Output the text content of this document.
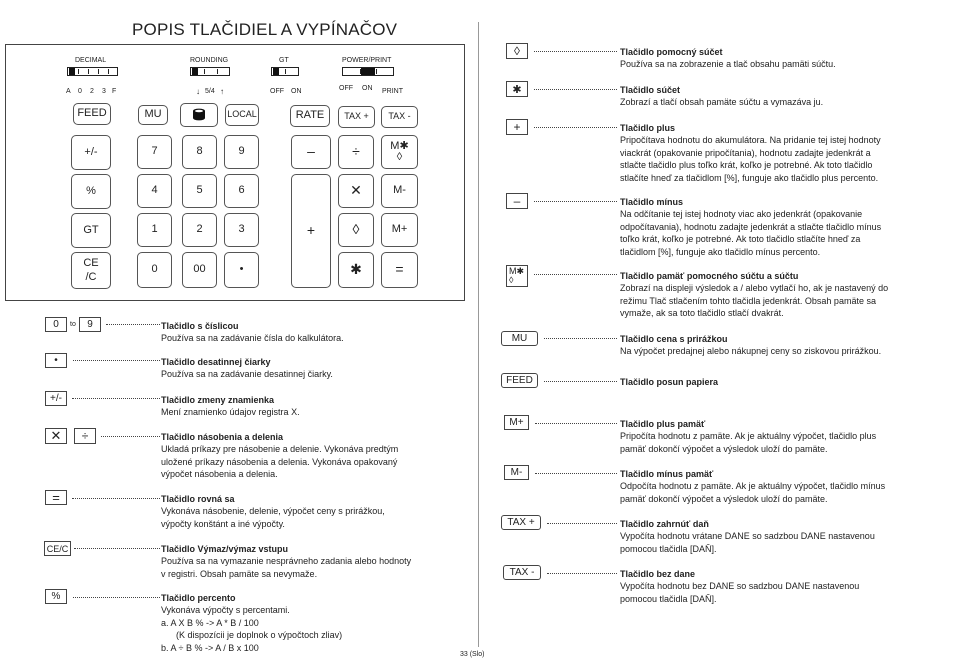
POPIS TLAČIDIEL A VYPÍNAČOV
DECIMAL
A 0 2 3 F
ROUNDING
↓ 5/4 ↑
GT
OFF ON
POWER/PRINT
OFF ON PRINT
FEED	MU	LOCAL	RATE	TAX +	TAX -
+/-
%
GT
CE
/C
7	8	9
4	5	6
1	2	3
0	00	•
–
+
÷
✕
◊
✱
M✱
◊
M-
M+
=
0	to	9	Tlačidlo s číslicou
Používa sa na zadávanie čísla do kalkulátora.
•	Tlačidlo desatinnej čiarky
Používa sa na zadávanie desatinnej čiarky.
+/-	Tlačidlo zmeny znamienka
Mení znamienko údajov registra X.
✕	÷	Tlačidlo násobenia a delenia
Ukladá príkazy pre násobenie a delenie. Vykonáva predtým
uložené príkazy násobenia a delenia. Vykonáva opakovaný
výpočet násobenia a delenia.
=	Tlačidlo rovná sa
Vykonáva násobenie, delenie, výpočet ceny s prirážkou,
výpočty konštánt a iné výpočty.
CE/C	Tlačidlo Výmaz/výmaz vstupu
Používa sa na vymazanie nesprávneho zadania alebo hodnoty
v registri. Obsah pamäte sa nevymaže.
%	Tlačidlo percento
Vykonáva výpočty s percentami.
a. A X B % -> A * B / 100
(K dispozícii je doplnok o výpočtoch zliav)
b. A ÷ B % -> A / B x 100
◊	Tlačidlo pomocný súčet
Používa sa na zobrazenie a tlač obsahu pamäti súčtu.
✱	Tlačidlo súčet
Zobrazí a tlačí obsah pamäte súčtu a vymazáva ju.
+	Tlačidlo plus
Pripočítava hodnotu do akumulátora. Na pridanie tej istej hodnoty
viackrát (opakovanie pripočítania), hodnotu zadajte jedenkrát a
stlačte tlačidlo plus toľko krát, koľko je potrebné. Ak toto tlačidlo
stlačíte hneď za tlačidlom [%], funguje ako tlačidlo plus percento.
–	Tlačidlo mínus
Na odčítanie tej istej hodnoty viac ako jedenkrát (opakovanie
odpočítavania), hodnotu zadajte jedenkrát a stlačte tlačidlo mínus
toľko krát, koľko je potrebné. Ak toto tlačidlo stlačíte hneď za
tlačidlom [%], funguje ako tlačidlo mínus percento.
M✱◊	Tlačidlo pamäť pomocného súčtu a súčtu
Zobrazí na displeji výsledok a / alebo vytlačí ho, ak je nastavený do
režimu Tlač stlačením tohto tlačidla jedenkrát. Obsah pamäte sa
vymaže, ak sa toto tlačidlo stlačí dvakrát.
MU	Tlačidlo cena s prirážkou
Na výpočet predajnej alebo nákupnej ceny so ziskovou prirážkou.
FEED	Tlačidlo posun papiera
M+	Tlačidlo plus pamäť
Pripočíta hodnotu z pamäte. Ak je aktuálny výpočet, tlačidlo plus
pamäť dokončí výpočet a výsledok uloží do pamäte.
M-	Tlačidlo mínus pamäť
Odpočíta hodnotu z pamäte. Ak je aktuálny výpočet, tlačidlo mínus
pamäť dokončí výpočet a výsledok uloží do pamäte.
TAX +	Tlačidlo zahrnúť daň
Vypočíta hodnotu vrátane DANE so sadzbou DANE nastavenou
pomocou tlačidla [DAŇ].
TAX -	Tlačidlo bez dane
Vypočíta hodnotu bez DANE so sadzbou DANE nastavenou
pomocou tlačidla [DAŇ].
33 (Slo)
